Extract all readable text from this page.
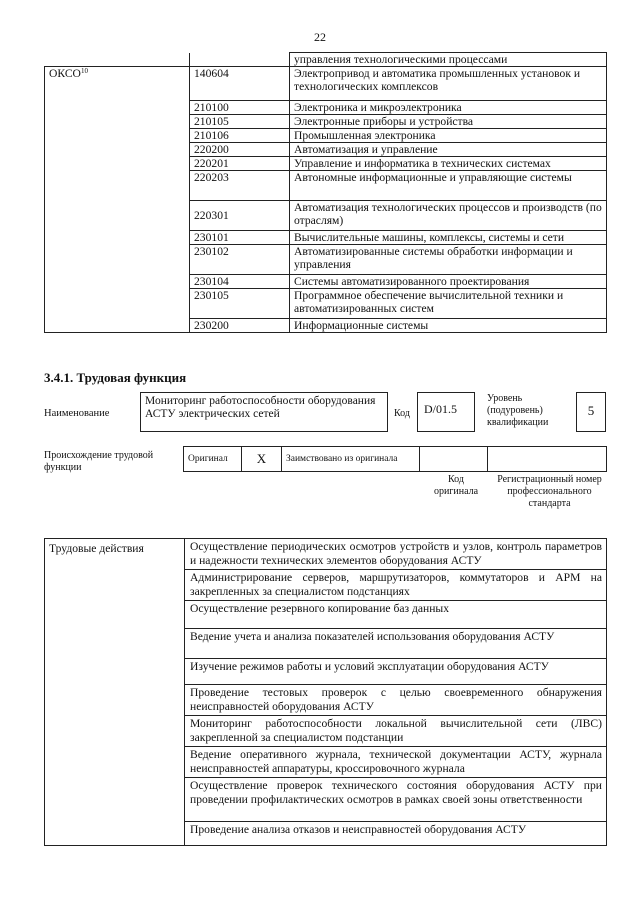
22
		управления технологическими процессами
ОКСО$^{10}$	140604	Электропривод и автоматика промышленных установок и технологических комплексов
	210100	Электроника и микроэлектроника
	210105	Электронные приборы и устройства
	210106	Промышленная электроника
	220200	Автоматизация и управление
	220201	Управление и информатика в технических системах
	220203	Автономные информационные и управляющие системы
	220301	Автоматизация технологических процессов и производств (по отраслям)
	230101	Вычислительные машины, комплексы, системы и сети
	230102	Автоматизированные системы обработки информации и управления
	230104	Системы автоматизированного проектирования
	230105	Программное обеспечение вычислительной техники и автоматизированных систем
	230200	Информационные системы
3.4.1. Трудовая функция
Наименование
Мониторинг работоспособности оборудования АСТУ электрических сетей	Код	D/01.5
Уровень (подуровень) квалификации
5
Происхождение трудовой функции
Оригинал	X	Заимствовано из оригинала		
Код оригинала
Регистрационный номер профессионального стандарта
Трудовые действия	Осуществление периодических осмотров устройств и узлов, контроль параметров и надежности технических элементов оборудования АСТУ
Администрирование серверов, маршрутизаторов, коммутаторов и АРМ на закрепленных за специалистом подстанциях
Осуществление резервного копирование баз данных
Ведение учета и анализа показателей использования оборудования АСТУ
Изучение режимов работы и условий эксплуатации оборудования АСТУ
Проведение тестовых проверок с целью своевременного обнаружения неисправностей оборудования АСТУ
Мониторинг работоспособности локальной вычислительной сети (ЛВС) закрепленной за специалистом подстанции
Ведение оперативного журнала, технической документации АСТУ, журнала неисправностей аппаратуры, кроссировочного журнала
Осуществление проверок технического состояния оборудования АСТУ при проведении профилактических осмотров в рамках своей зоны ответственности
Проведение анализа отказов и неисправностей оборудования АСТУ
